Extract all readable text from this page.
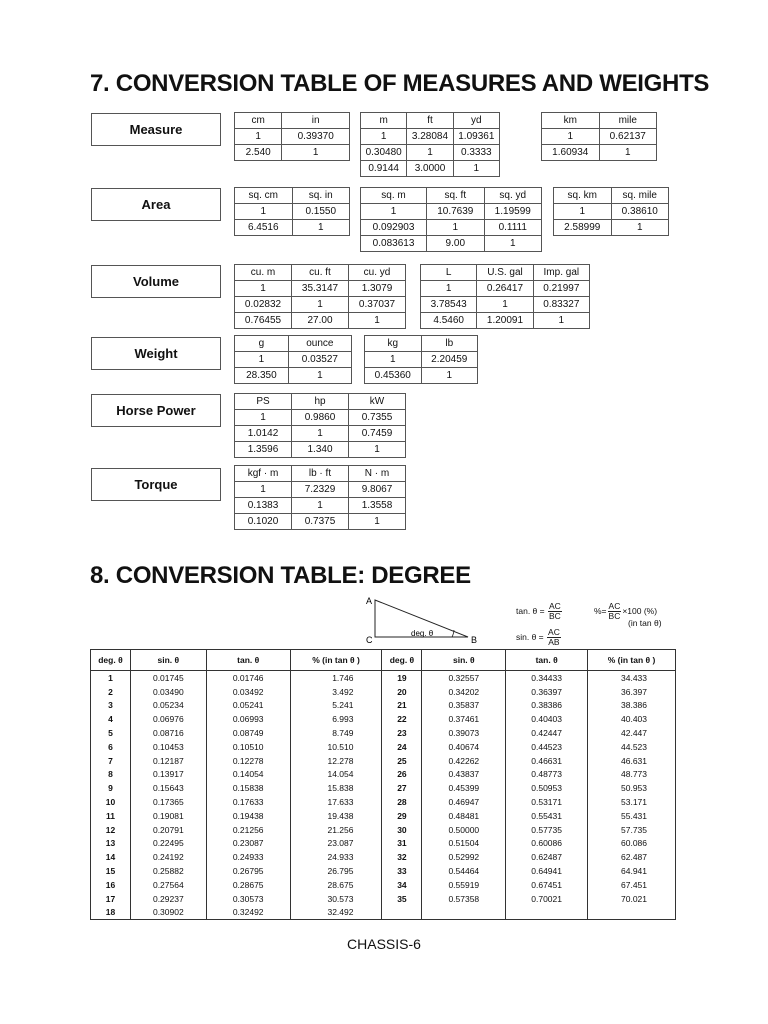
7. CONVERSION TABLE OF MEASURES AND WEIGHTS
Measure
cm	in
1	0.39370
2.540	1
m	ft	yd
1	3.28084	1.09361
0.30480	1	0.3333
0.9144	3.0000	1
km	mile
1	0.62137
1.60934	1
Area
sq. cm	sq. in
1	0.1550
6.4516	1
sq. m	sq. ft	sq. yd
1	10.7639	1.19599
0.092903	1	0.1111
0.083613	9.00	1
sq. km	sq. mile
1	0.38610
2.58999	1
Volume
cu. m	cu. ft	cu. yd
1	35.3147	1.3079
0.02832	1	0.37037
0.76455	27.00	1
L	U.S. gal	Imp. gal
1	0.26417	0.21997
3.78543	1	0.83327
4.5460	1.20091	1
Weight
g	ounce
1	0.03527
28.350	1
kg	lb
1	2.20459
0.45360	1
Horse Power
PS	hp	kW
1	0.9860	0.7355
1.0142	1	0.7459
1.3596	1.340	1
Torque
kgf · m	lb · ft	N · m
1	7.2329	9.8067
0.1383	1	1.3558
0.1020	0.7375	1
8. CONVERSION TABLE: DEGREE
A
C	B
deg. θ
tan. $\theta = \frac{AC}{BC}$
sin. $\theta = \frac{AC}{AB}$
%= $\frac{AC}{BC} \times 100$ (%)
(in tan θ)
deg. θ	sin. θ	tan. θ	% (in tan θ )	deg. θ	sin. θ	tan. θ	% (in tan θ )
1	0.01745	0.01746	1.746	19	0.32557	0.34433	34.433
2	0.03490	0.03492	3.492	20	0.34202	0.36397	36.397
3	0.05234	0.05241	5.241	21	0.35837	0.38386	38.386
4	0.06976	0.06993	6.993	22	0.37461	0.40403	40.403
5	0.08716	0.08749	8.749	23	0.39073	0.42447	42.447
6	0.10453	0.10510	10.510	24	0.40674	0.44523	44.523
7	0.12187	0.12278	12.278	25	0.42262	0.46631	46.631
8	0.13917	0.14054	14.054	26	0.43837	0.48773	48.773
9	0.15643	0.15838	15.838	27	0.45399	0.50953	50.953
10	0.17365	0.17633	17.633	28	0.46947	0.53171	53.171
11	0.19081	0.19438	19.438	29	0.48481	0.55431	55.431
12	0.20791	0.21256	21.256	30	0.50000	0.57735	57.735
13	0.22495	0.23087	23.087	31	0.51504	0.60086	60.086
14	0.24192	0.24933	24.933	32	0.52992	0.62487	62.487
15	0.25882	0.26795	26.795	33	0.54464	0.64941	64.941
16	0.27564	0.28675	28.675	34	0.55919	0.67451	67.451
17	0.29237	0.30573	30.573	35	0.57358	0.70021	70.021
18	0.30902	0.32492	32.492				
CHASSIS-6
